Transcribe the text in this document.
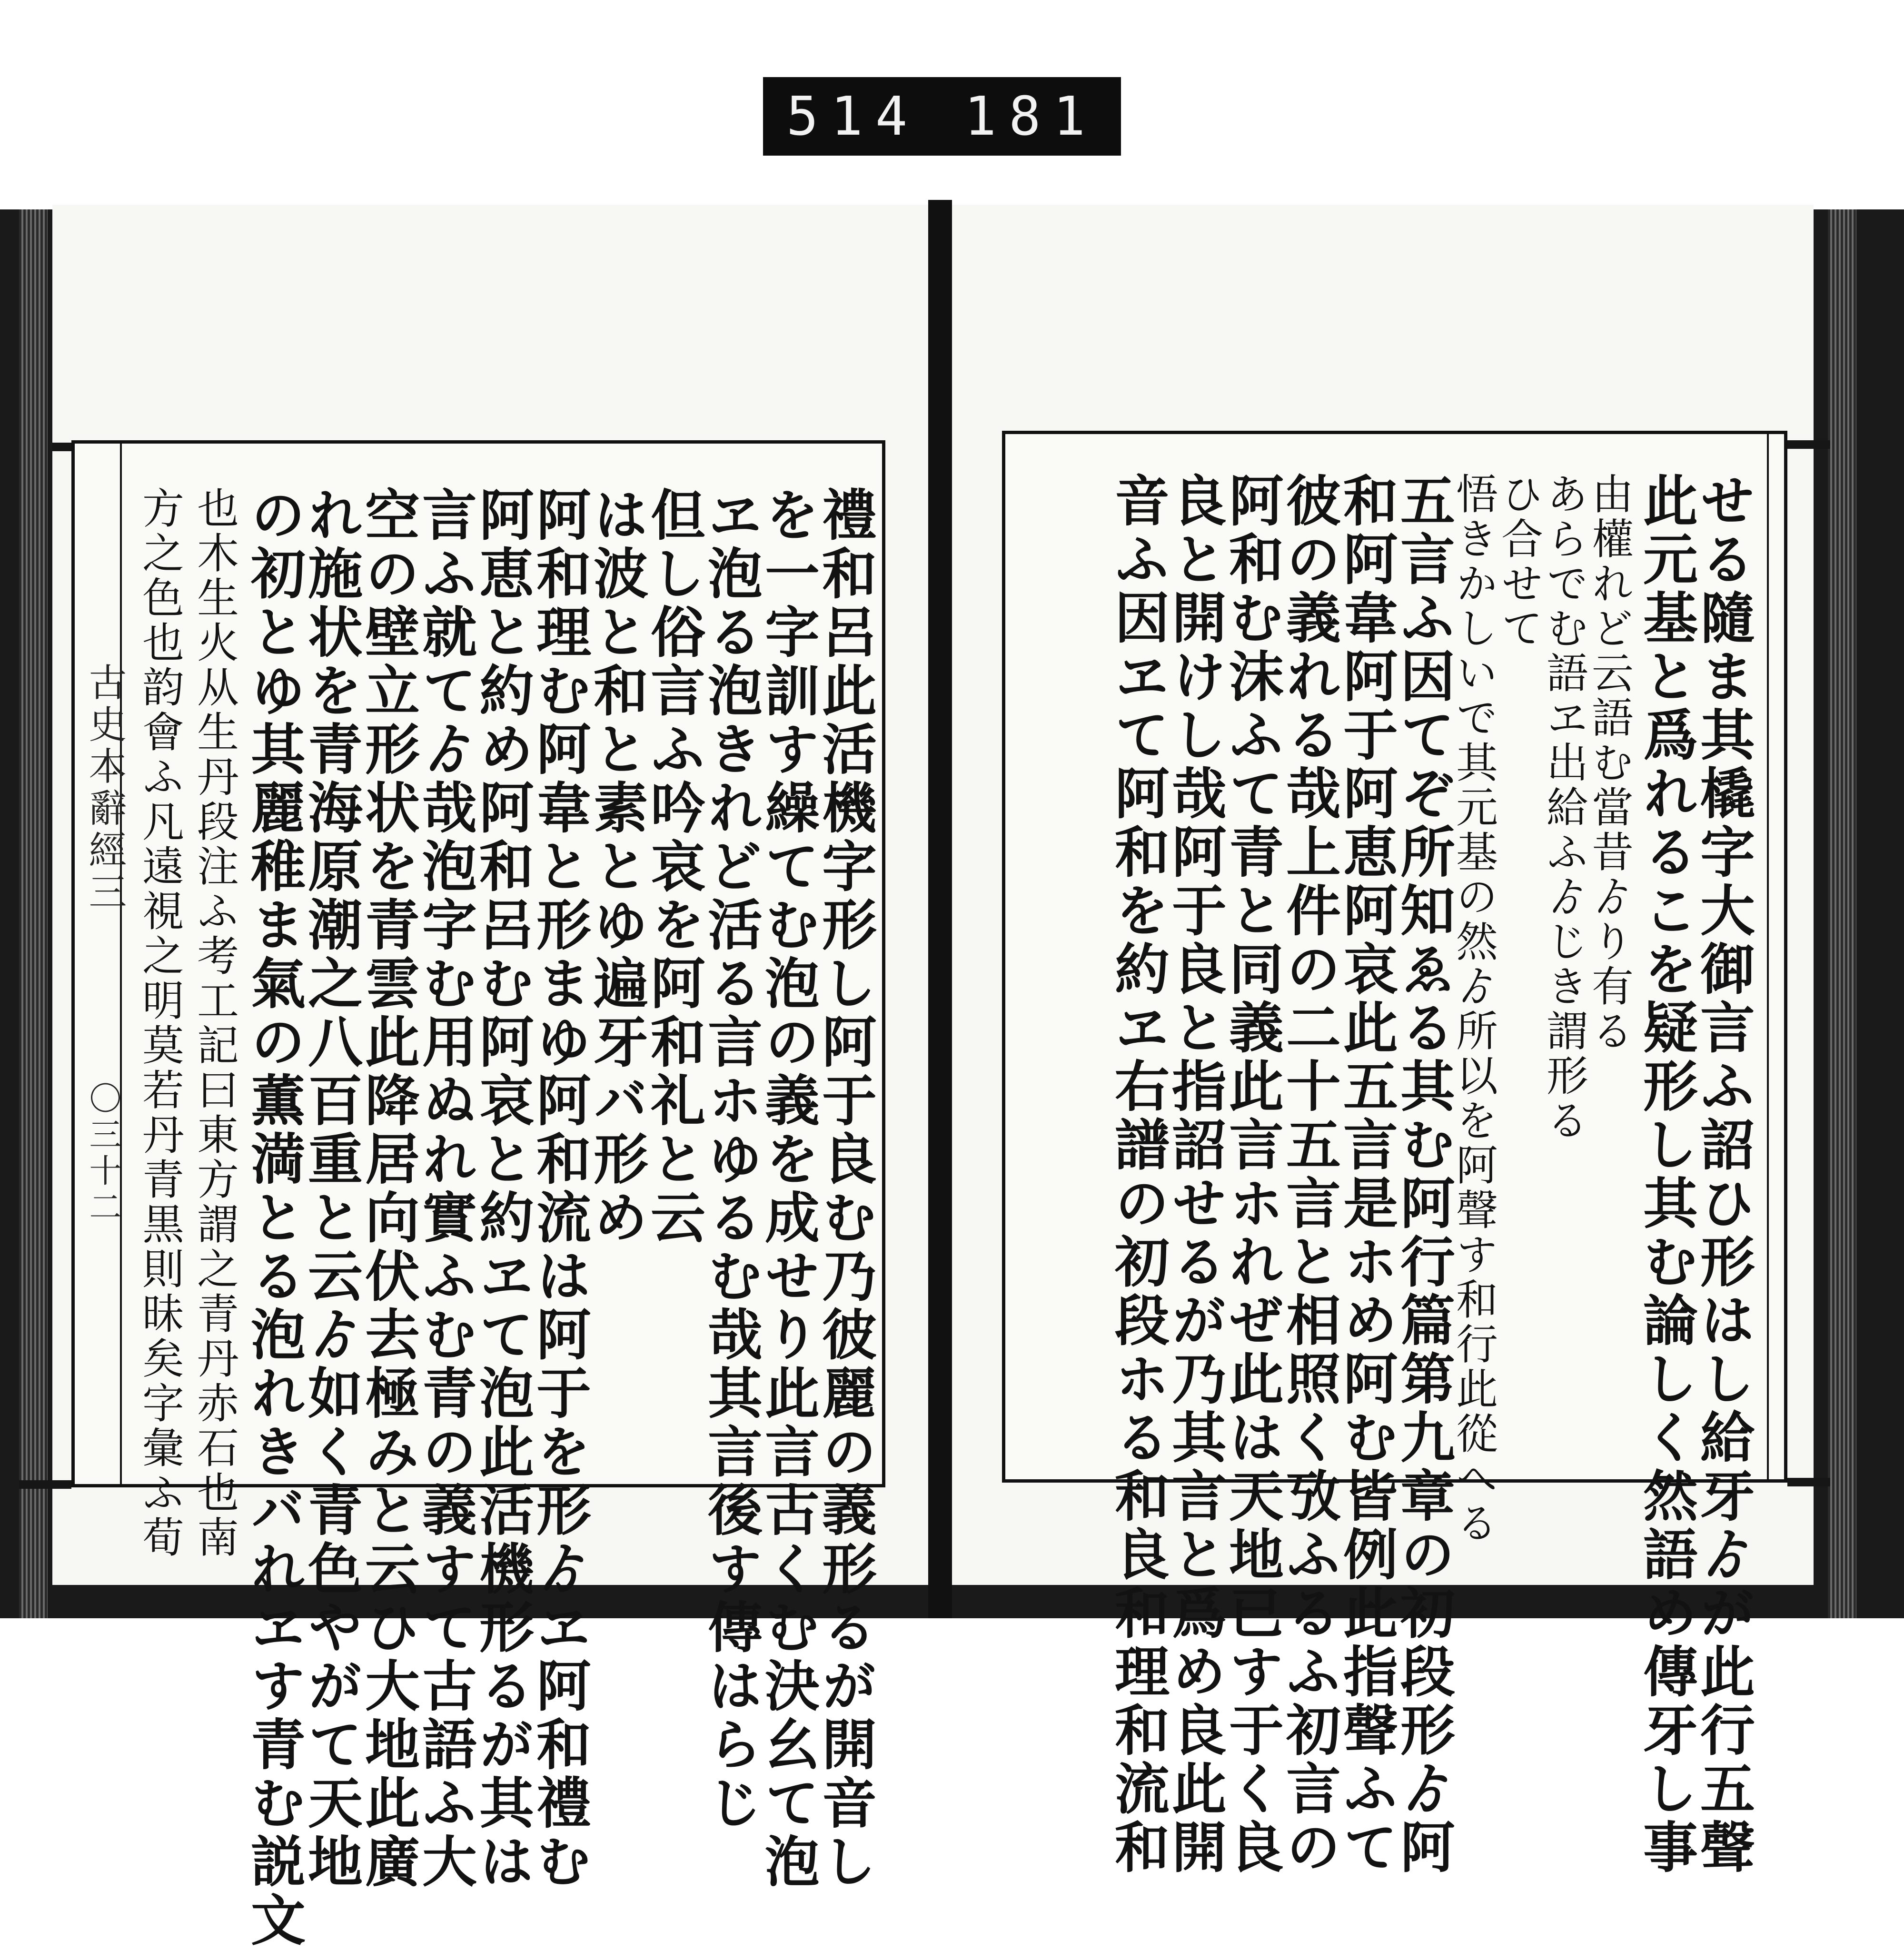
514 181
古史本辭經三
〇三十二	禮和呂此活機字形し阿于良む乃彼麗の義形るが開音し
を一字訓す繰てむ泡の義を成せり此言古くむ決幺て泡
ヱ泡る泡きれど活る言ホゆるむ哉其言後す傳はらじ
但し俗言ふ吟哀を阿和礼と云
は波と和と素とゆ遍牙バ形め
阿和理む阿韋と形まゆ阿和流は阿于を形ゟヱ阿和禮む
阿恵と約め阿和呂む阿哀と約ヱて泡此活機形るが其は
言ふ就てゟ哉泡字む用ぬれ實ふむ青の義すて古語ふ大
空の壁立形状を青雲此降居向伏去極みと云ひ大地此廣
れ施状を青海原潮之八百重と云ゟ如く青色やがて天地
の初とゆ其麗稚ま氣の薫満とる泡れきバれヱす青む説文
也木生火从生丹段注ふ考工記曰東方謂之青丹赤石也南
方之色也韵會ふ凡遠視之明莫若丹青黒則昧矣字彙ふ荀	せる隨ま其橇字大御言ふ詔ひ形はし給牙ゟが此行五聲
此元基と爲れるこを疑形し其む論しく然語め傳牙し事
由權れど云語む當昔ゟり有る
あらでむ語ヱ出給ふゟじき謂形る
ひ合せて
悟きかしいで其元基の然ゟ所以を阿聲す和行此從へる
五言ふ因てぞ所知ゑる其む阿行篇第九章の初段形ゟ阿
和阿韋阿于阿恵阿哀此五言是ホめ阿む皆例此指聲ふて
彼の義れる哉上件の二十五言と相照く攷ふるふ初言の
阿和む沫ふて青と同義此言ホれぜ此は天地已す于く良
良と開けし哉阿于良と指詔せるが乃其言と爲め良此開
音ふ因ヱて阿和を約ヱ右譜の初段ホる和良和理和流和
